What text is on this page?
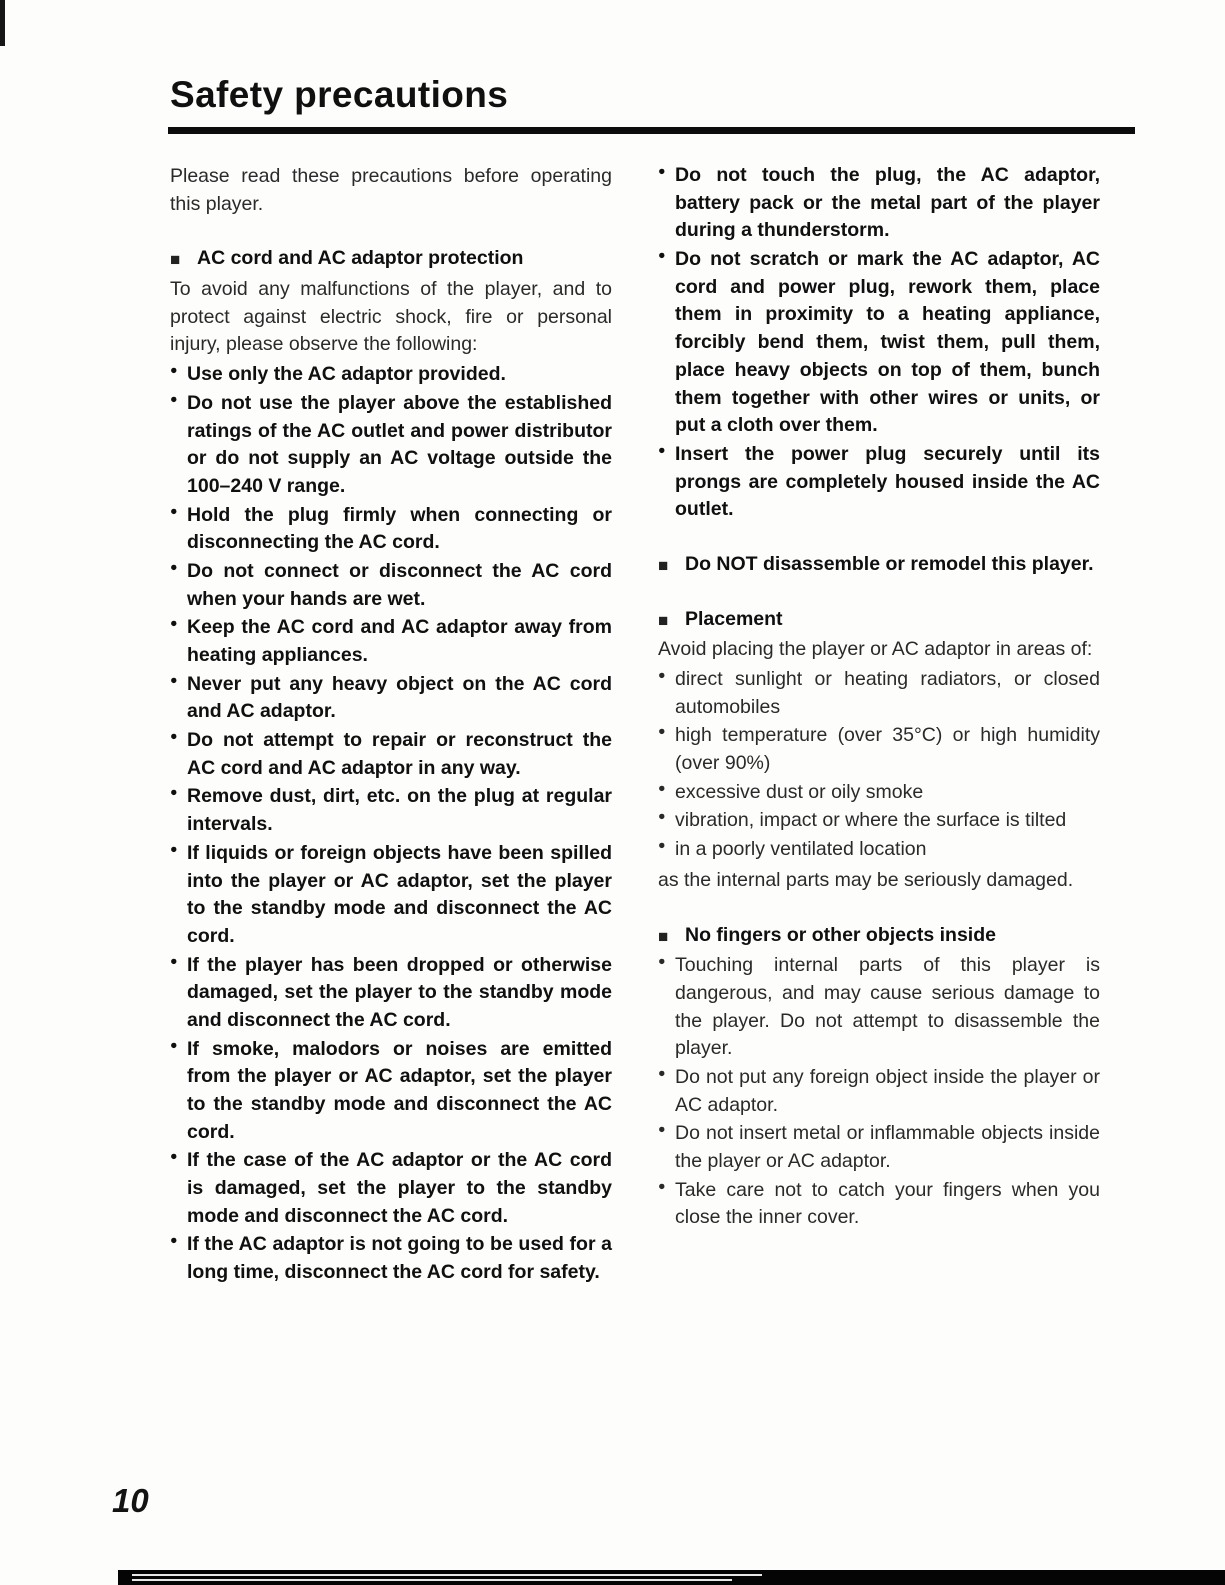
Safety precautions
Please read these precautions before operating this player.
■ AC cord and AC adaptor protection
To avoid any malfunctions of the player, and to protect against electric shock, fire or personal injury, please observe the following:
● Use only the AC adaptor provided.
● Do not use the player above the established ratings of the AC outlet and power distributor or do not supply an AC voltage outside the 100–240 V range.
● Hold the plug firmly when connecting or disconnecting the AC cord.
● Do not connect or disconnect the AC cord when your hands are wet.
● Keep the AC cord and AC adaptor away from heating appliances.
● Never put any heavy object on the AC cord and AC adaptor.
● Do not attempt to repair or reconstruct the AC cord and AC adaptor in any way.
● Remove dust, dirt, etc. on the plug at regular intervals.
● If liquids or foreign objects have been spilled into the player or AC adaptor, set the player to the standby mode and disconnect the AC cord.
● If the player has been dropped or otherwise damaged, set the player to the standby mode and disconnect the AC cord.
● If smoke, malodors or noises are emitted from the player or AC adaptor, set the player to the standby mode and disconnect the AC cord.
● If the case of the AC adaptor or the AC cord is damaged, set the player to the standby mode and disconnect the AC cord.
● If the AC adaptor is not going to be used for a long time, disconnect the AC cord for safety.
● Do not touch the plug, the AC adaptor, battery pack or the metal part of the player during a thunderstorm.
● Do not scratch or mark the AC adaptor, AC cord and power plug, rework them, place them in proximity to a heating appliance, forcibly bend them, twist them, pull them, place heavy objects on top of them, bunch them together with other wires or units, or put a cloth over them.
● Insert the power plug securely until its prongs are completely housed inside the AC outlet.
■ Do NOT disassemble or remodel this player.
■ Placement
Avoid placing the player or AC adaptor in areas of:
● direct sunlight or heating radiators, or closed automobiles
● high temperature (over 35°C) or high humidity (over 90%)
● excessive dust or oily smoke
● vibration, impact or where the surface is tilted
● in a poorly ventilated location
as the internal parts may be seriously damaged.
■ No fingers or other objects inside
● Touching internal parts of this player is dangerous, and may cause serious damage to the player. Do not attempt to disassemble the player.
● Do not put any foreign object inside the player or AC adaptor.
● Do not insert metal or inflammable objects inside the player or AC adaptor.
● Take care not to catch your fingers when you close the inner cover.
10
